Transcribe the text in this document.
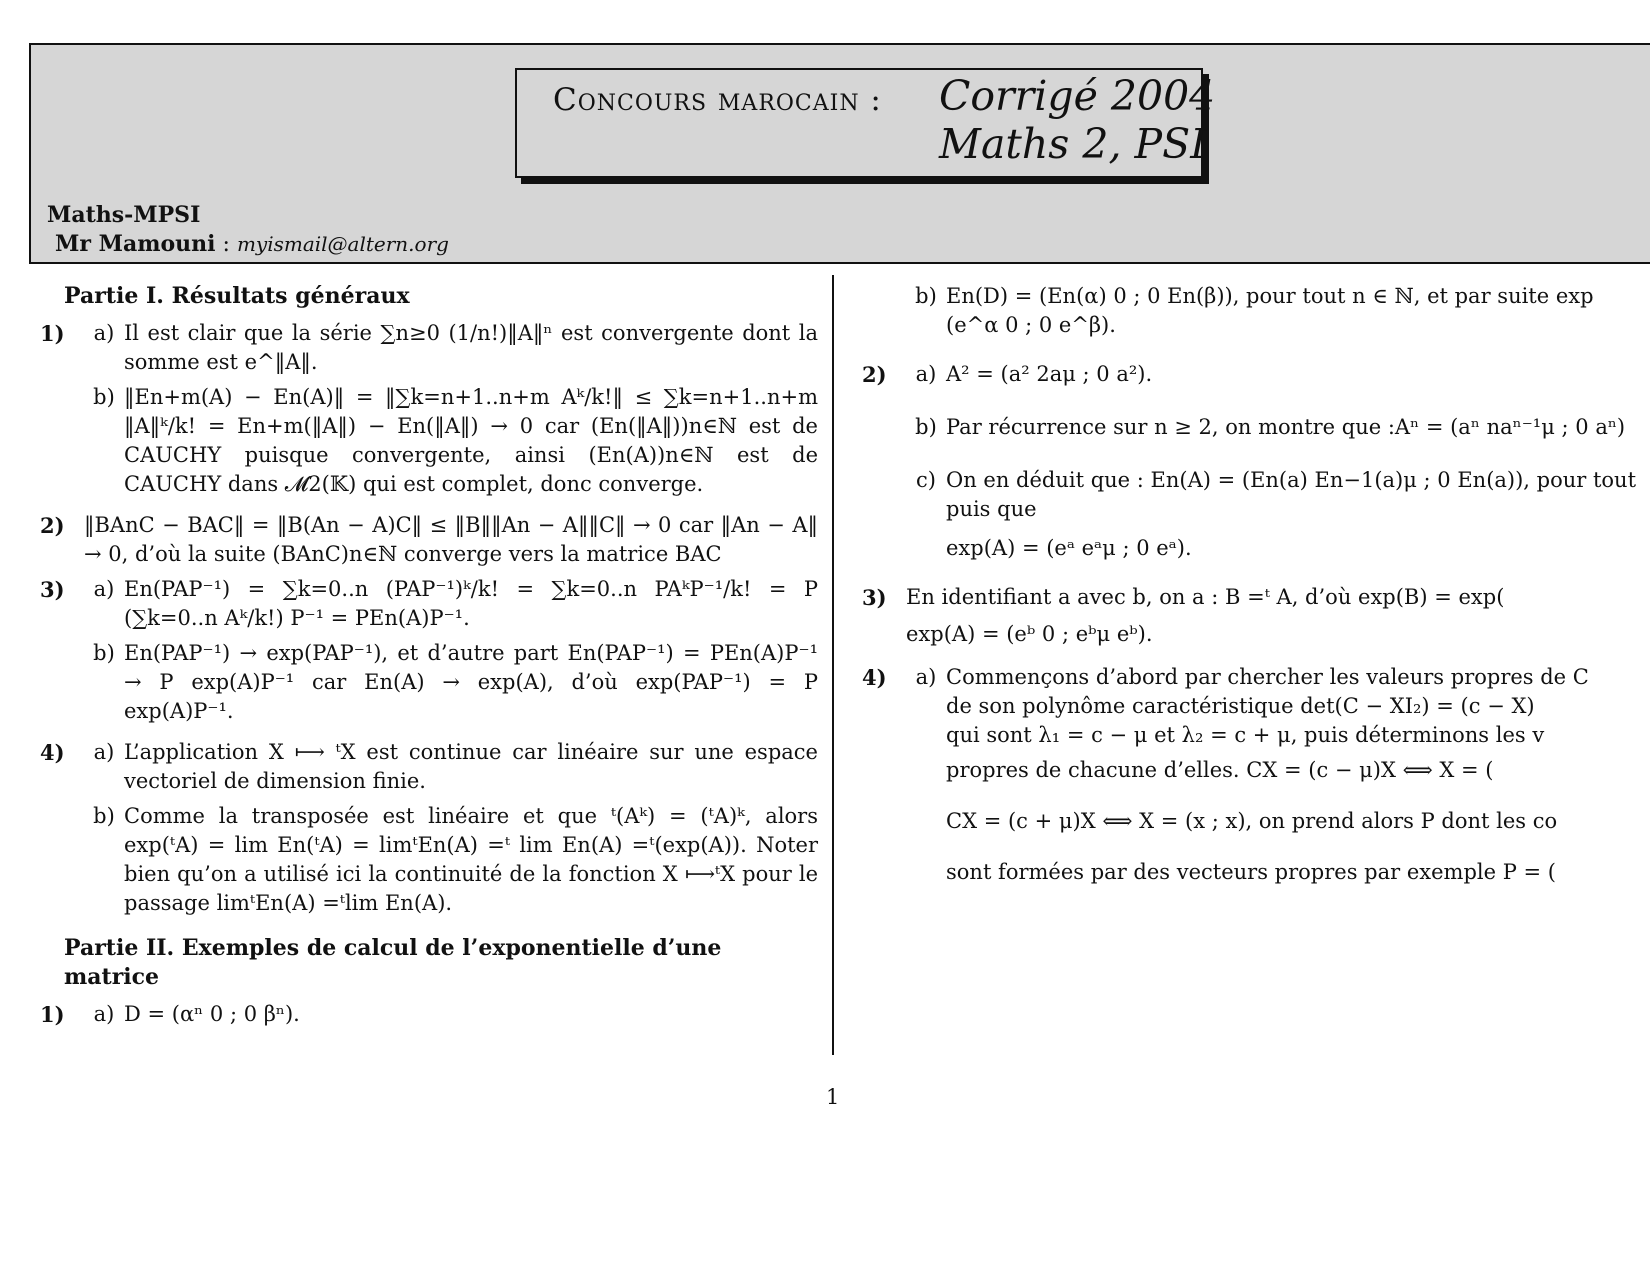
Concours marocain : Corrigé 2004
Maths 2, PSI
Maths-MPSI
Mr Mamouni : myismail@altern.org
Partie I. Résultats généraux
1)	a) Il est clair que la série ∑n≥0 (1/n!)‖A‖ⁿ est convergente dont la somme est e^‖A‖.
b) ‖En+m(A) − En(A)‖ = ‖∑k=n+1..n+m Aᵏ/k!‖ ≤ ∑k=n+1..n+m ‖A‖ᵏ/k! = En+m(‖A‖) − En(‖A‖) → 0 car (En(‖A‖))n∈ℕ est de CAUCHY puisque convergente, ainsi (En(A))n∈ℕ est de CAUCHY dans 𝓜2(𝕂) qui est complet, donc converge.
2) ‖BAnC − BAC‖ = ‖B(An − A)C‖ ≤ ‖B‖‖An − A‖‖C‖ → 0 car ‖An − A‖ → 0, d’où la suite (BAnC)n∈ℕ converge vers la matrice BAC
3)	a) En(PAP⁻¹) = ∑k=0..n (PAP⁻¹)ᵏ/k! = ∑k=0..n PAᵏP⁻¹/k! = P (∑k=0..n Aᵏ/k!) P⁻¹ = PEn(A)P⁻¹.
b) En(PAP⁻¹) → exp(PAP⁻¹), et d’autre part En(PAP⁻¹) = PEn(A)P⁻¹ → P exp(A)P⁻¹ car En(A) → exp(A), d’où exp(PAP⁻¹) = P exp(A)P⁻¹.
4)	a) L’application X ⟼ ᵗX est continue car linéaire sur une espace vectoriel de dimension finie.
b) Comme la transposée est linéaire et que ᵗ(Aᵏ) = (ᵗA)ᵏ, alors exp(ᵗA) = lim En(ᵗA) = limᵗEn(A) =ᵗ lim En(A) =ᵗ(exp(A)). Noter bien qu’on a utilisé ici la continuité de la fonction X ⟼ᵗX pour le passage limᵗEn(A) =ᵗlim En(A).
Partie II. Exemples de calcul de l’exponentielle d’une matrice
1)	a) D = (αⁿ 0 ; 0 βⁿ).
b) En(D) = (En(α) 0 ; 0 En(β)), pour tout n ∈ ℕ, et par suite exp
(e^α 0 ; 0 e^β).
2)	a) A² = (a² 2aμ ; 0 a²).
b) Par récurrence sur n ≥ 2, on montre que :Aⁿ = (aⁿ naⁿ⁻¹μ ; 0 aⁿ)
c) On en déduit que : En(A) = (En(a) En−1(a)μ ; 0 En(a)), pour tout
puis que
exp(A) = (eᵃ eᵃμ ; 0 eᵃ).
3) En identifiant a avec b, on a : B =ᵗ A, d’où exp(B) = exp(
exp(A) = (eᵇ 0 ; eᵇμ eᵇ).
4)	a) Commençons d’abord par chercher les valeurs propres de C
de son polynôme caractéristique det(C − XI₂) = (c − X)
qui sont λ₁ = c − μ et λ₂ = c + μ, puis déterminons les v
propres de chacune d’elles. CX = (c − μ)X ⟺ X = (
CX = (c + μ)X ⟺ X = (x ; x), on prend alors P dont les co
sont formées par des vecteurs propres par exemple P = (
1
